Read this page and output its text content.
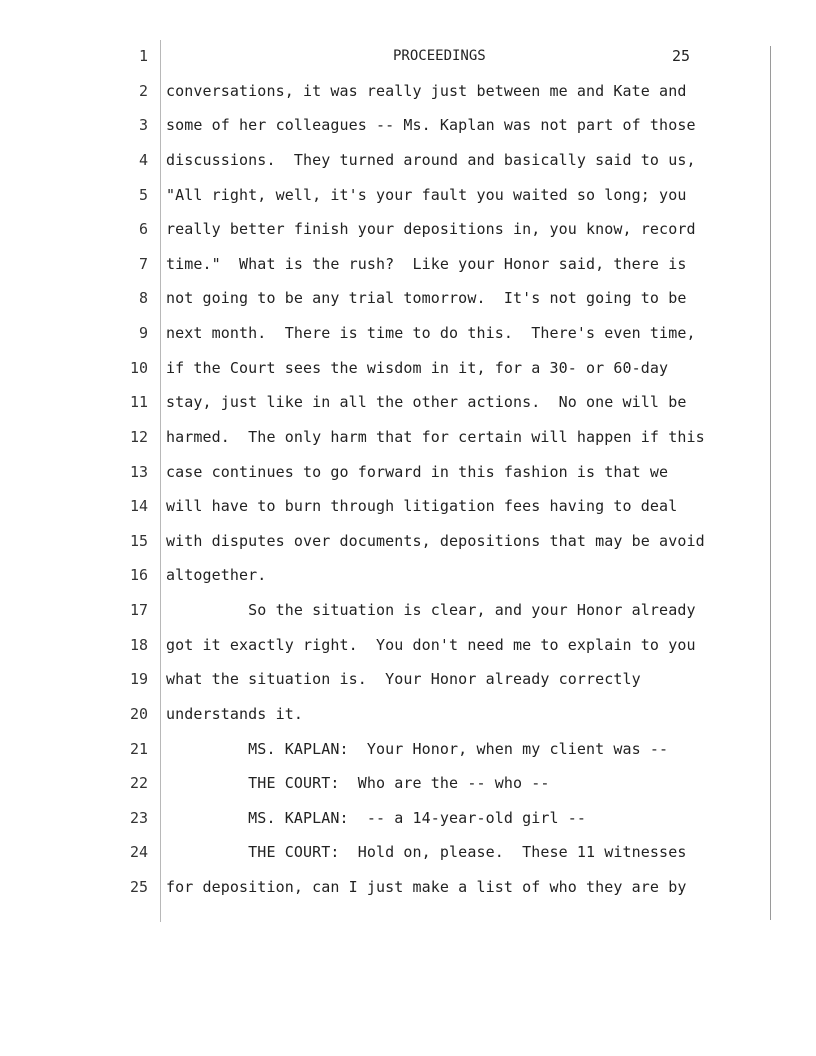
1	PROCEEDINGS	25
2 conversations, it was really just between me and Kate and
3 some of her colleagues -- Ms. Kaplan was not part of those
4 discussions.  They turned around and basically said to us,
5 "All right, well, it's your fault you waited so long; you
6 really better finish your depositions in, you know, record
7 time."  What is the rush?  Like your Honor said, there is
8 not going to be any trial tomorrow.  It's not going to be
9 next month.  There is time to do this.  There's even time,
10 if the Court sees the wisdom in it, for a 30- or 60-day
11 stay, just like in all the other actions.  No one will be
12 harmed.  The only harm that for certain will happen if this
13 case continues to go forward in this fashion is that we
14 will have to burn through litigation fees having to deal
15 with disputes over documents, depositions that may be avoid
16 altogether.
17 So the situation is clear, and your Honor already
18 got it exactly right.  You don't need me to explain to you
19 what the situation is.  Your Honor already correctly
20 understands it.
21 MS. KAPLAN:  Your Honor, when my client was --
22 THE COURT:  Who are the -- who --
23 MS. KAPLAN:  -- a 14-year-old girl --
24 THE COURT:  Hold on, please.  These 11 witnesses
25 for deposition, can I just make a list of who they are by
